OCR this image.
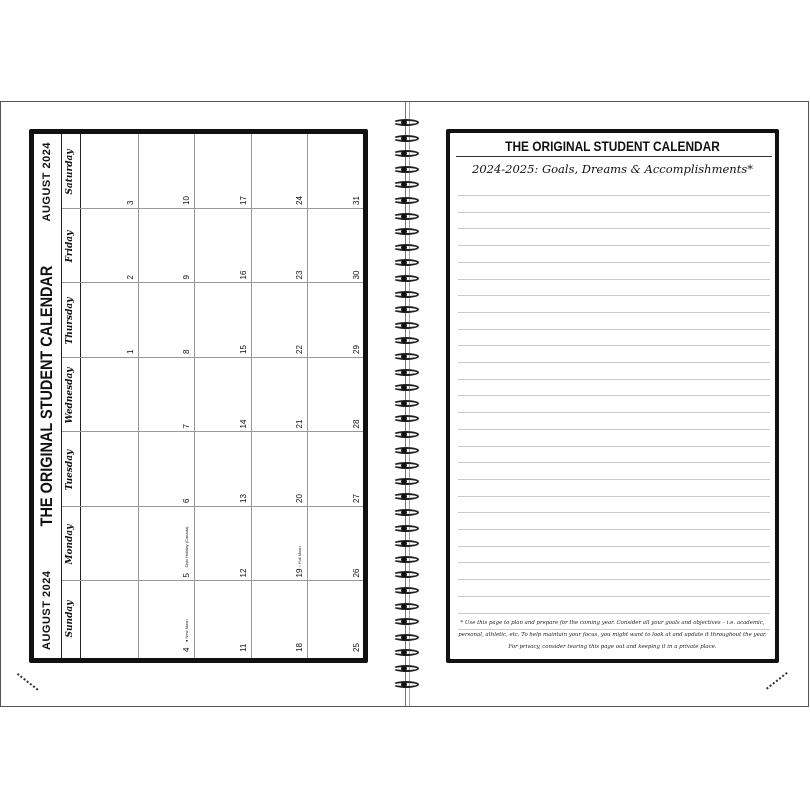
AUGUST 2024
THE ORIGINAL STUDENT CALENDAR
AUGUST 2024
Sunday
Monday
Tuesday
Wednesday
Thursday
Friday
Saturday
1
2
3
4
5
6
7
8
9
10
11
12
13
14
15
16
17
18
19
20
21
22
23
24
25
26
27
28
29
30
31
● New Moon
Civic Holiday (Canada)	○ Full Moon
THE ORIGINAL STUDENT CALENDAR
2024-2025: Goals, Dreams & Accomplishments*
* Use this page to plan and prepare for the coming year. Consider all your goals and objectives – i.e. academic,
personal, athletic, etc. To help maintain your focus, you might want to look at and update it throughout the year.
For privacy, consider tearing this page out and keeping it in a private place.
